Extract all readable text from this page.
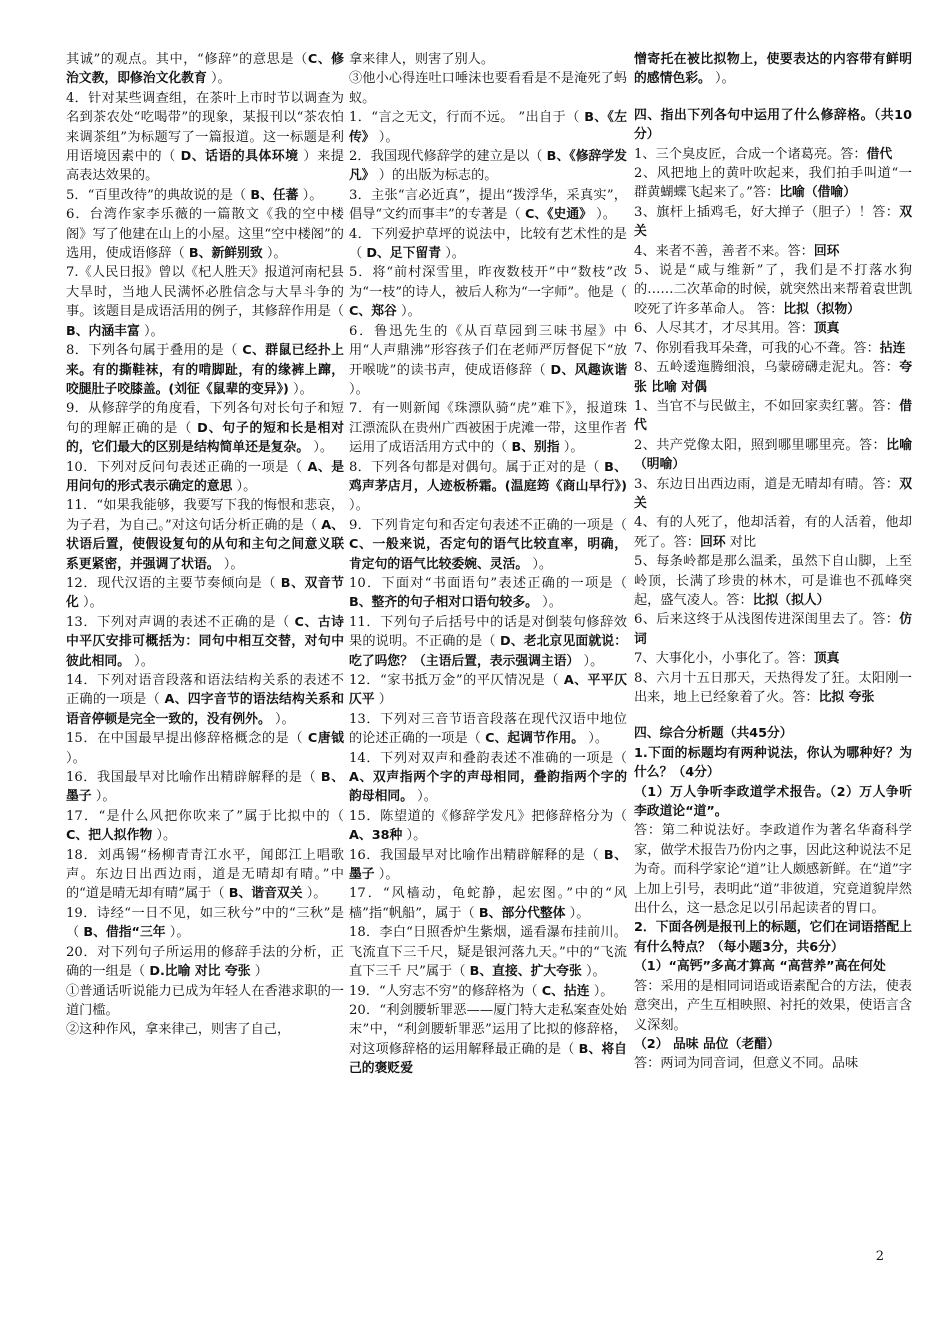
其诚”的观点。其中，“修辞”的意思是（C、修治文教，即修治文化教育 ）。

4．针对某些调查组，在茶叶上市时节以调查为名到茶农处“吃喝带”的现象，某报刊以“茶农怕来调茶组”为标题写了一篇报道。这一标题是利用语境因素中的（ D、话语的具体环境 ）来提高表达效果的。

5．“百里改待”的典故说的是（ B、任蕃 ）。

6．台湾作家李乐薇的一篇散文《我的空中楼阁》写了他建在山上的小屋。这里“空中楼阁”的选用，使成语修辞（ B、新鲜别致 ）。

7.《人民日报》曾以《杞人胜天》报道河南杞县大旱时，当地人民满怀必胜信念与大旱斗争的事。该题目是成语活用的例子，其修辞作用是（ B、内涵丰富 ）。

8．下列各句属于叠用的是（ C、群鼠已经扑上来。有的撕鞋袜，有的啃脚趾，有的缘裤上蹿，咬腿肚子咬膝盖。(刘征《鼠辈的变异》) ）。

9．从修辞学的角度看，下列各句对长句子和短句的理解正确的是（ D、句子的短和长是相对的，它们最大的区别是结构简单还是复杂。 ）。

10．下列对反问句表述正确的一项是（ A、是用问句的形式表示确定的意思 ）。

11．“如果我能够，我要写下我的悔恨和悲哀，为子君，为自己。”对这句话分析正确的是（ A、状语后置，使假设复句的从句和主句之间意义联系更紧密，并强调了状语。 ）。

12．现代汉语的主要节奏倾向是（ B、双音节化 ）。

13．下列对声调的表述不正确的是（ C、古诗中平仄安排可概括为：同句中相互交替，对句中彼此相同。 ）。

14．下列对语音段落和语法结构关系的表述不正确的一项是（ A、四字音节的语法结构关系和语音停顿是完全一致的，没有例外。 ）。

15．在中国最早提出修辞格概念的是（ C唐钺 ）。

16．我国最早对比喻作出精辟解释的是（ B、墨子 ）。

17．“是什么风把你吹来了”属于比拟中的（ C、把人拟作物 ）。

18．刘禹锡“杨柳青青江水平，闻郎江上唱歌声。东边日出西边雨，道是无晴却有晴。”中的“道是晴无却有晴”属于（ B、谐音双关 ）。

19．诗经“一日不见，如三秋兮”中的“三秋”是（ B、借指“三年 ）。

20．对下列句子所运用的修辞手法的分析，正确的一组是（ D.比喻 对比 夸张 ）

①普通话听说能力已成为年轻人在香港求职的一道门槛。

②这种作风，拿来律己，则害了自己，

拿来律人，则害了别人。

③他小心得连吐口唾沫也要看看是不是淹死了蚂蚁。

1．“言之无文，行而不远。 ”出自于（ B、《左传》 ）。

2．我国现代修辞学的建立是以（ B、《修辞学发凡》 ）的出版为标志的。

3．主张“言必近真”，提出“拨浮华，采真实”，倡导“文约而事丰”的专著是（ C、《史通》 ）。

4．下列爱护草坪的说法中，比较有艺术性的是（ D、足下留青 ）。

5．将“前村深雪里，昨夜数枝开”中“数枝”改为“一枝”的诗人，被后人称为“一字师”。他是（ C、郑谷 ）。

6．鲁迅先生的《从百草园到三味书屋》中用“人声鼎沸”形容孩子们在老师严厉督促下“放开喉咙”的读书声，使成语修辞（ D、风趣诙谐 ）。

7．有一则新闻《珠漂队骑“虎”难下》，报道珠江漂流队在贵州广西被困于虎滩一带，这里作者运用了成语活用方式中的（ B、别指 ）。

8．下列各句都是对偶句。属于正对的是（ B、鸡声茅店月，人迹板桥霜。(温庭筠《商山早行》) ）。

9．下列肯定句和否定句表述不正确的一项是（ C、一般来说，否定句的语气比较直率，明确，肯定句的语气比较委婉、灵活。 ）。

10．下面对“书面语句”表述正确的一项是（ B、整齐的句子相对口语句较多。 ）。

11．下列句子后括号中的话是对倒装句修辞效果的说明。不正确的是（ D、老北京见面就说：吃了吗您？（主语后置，表示强调主语） ）。

12．“家书抵万金”的平仄情况是（ A、平平仄仄平 ）

13．下列对三音节语音段落在现代汉语中地位的论述正确的一项是（ C、起调节作用。 ）。

14．下列对双声和叠韵表述不准确的一项是（ A、双声指两个字的声母相同，叠韵指两个字的韵母相同。 ）。

15．陈望道的《修辞学发凡》把修辞格分为（ A、38种 ）。

16．我国最早对比喻作出精辟解释的是（ B、墨子 ）。

17．“风樯动，龟蛇静，起宏图。”中的“风樯”指“帆船”，属于（ B、部分代整体 ）。

18．李白“日照香炉生紫烟，遥看瀑布挂前川。飞流直下三千尺，疑是银河落九天。”中的“飞流直下三千 尺”属于（ B、直接、扩大夸张 ）。

19．“人穷志不穷”的修辞格为（ C、拈连 ）。

20．“利剑腰斩罪恶——厦门特大走私案查处始末”中，“利剑腰斩罪恶”运用了比拟的修辞格，对这项修辞格的运用解释最正确的是（ B、将自己的褒贬爱

憎寄托在被比拟物上，使要表达的内容带有鲜明的感情色彩。 ）。

四、指出下列各句中运用了什么修辞格。（共10分）

1、三个臭皮匠，合成一个诸葛亮。答：借代

2、风把地上的黄叶吹起来，我们拍手叫道“一群黄蝴蝶飞起来了。”答：比喻（借喻）

3、旗杆上插鸡毛，好大掸子（胆子）！答：双关

4、来者不善，善者不来。答：回环

5、说是“咸与维新”了，我们是不打落水狗的……二次革命的时候，就突然出来帮着袁世凯咬死了许多革命人。 答：比拟（拟物）

6、人尽其才，才尽其用。答：顶真

7、你别看我耳朵聋，可我的心不聋。答：拈连

8、五岭逶迤腾细浪，乌蒙磅礴走泥丸。答：夸张 比喻 对偶

1、当官不与民做主，不如回家卖红薯。答：借代

2、共产党像太阳，照到哪里哪里亮。答：比喻（明喻）

3、东边日出西边雨，道是无晴却有晴。答：双关

4、有的人死了，他却活着，有的人活着，他却死了。答：回环 对比

5、每条岭都是那么温柔，虽然下自山脚，上至岭顶，长满了珍贵的林木，可是谁也不孤峰突起，盛气凌人。答：比拟（拟人）

6、后来这终于从浅图传进深闺里去了。答：仿词

7、大事化小，小事化了。答：顶真

8、六月十五日那天，天热得发了狂。太阳刚一出来，地上已经象着了火。答：比拟 夸张

四、综合分析题（共45分）

1.下面的标题均有两种说法，你认为哪种好？为什么？（4分）

（1）万人争听李政道学术报告。（2）万人争听李政道论“道”。

答：第二种说法好。李政道作为著名华裔科学家，做学术报告乃份内之事，因此这种说法不足为奇。而科学家论“道”让人颇感新鲜。在“道”字上加上引号，表明此“道”非彼道，究竟道貌岸然出什么，这一悬念足以引吊起读者的胃口。

2．下面各例是报刊上的标题，它们在词语搭配上有什么特点？（每小题3分，共6分）

（1）“高钙”多高才算高 “高营养”高在何处

答：采用的是相同词语或语素配合的方法，使表意突出，产生互相映照、衬托的效果，使语言含义深刻。

（2） 品味 品位（老醋）

答：两词为同音词，但意义不同。品味

2
